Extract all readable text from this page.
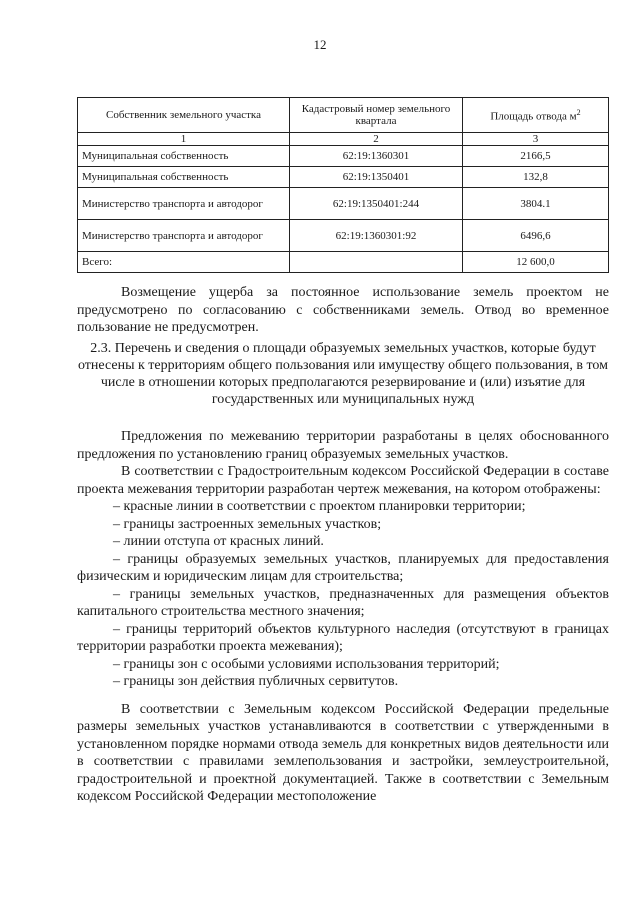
12
Собственник земельного участка	Кадастровый номер земельного квартала	Площадь отвода $м^2$
1	2	3
Муниципальная собственность	62:19:1360301	2166,5
Муниципальная собственность	62:19:1350401	132,8
Министерство транспорта и автодорог	62:19:1350401:244	3804.1
Министерство транспорта и автодорог	62:19:1360301:92	6496,6
Всего:		12 600,0

Возмещение ущерба за постоянное использование земель проектом не предусмотрено по согласованию с собственниками земель. Отвод во временное пользование не предусмотрен.

2.3. Перечень и сведения о площади образуемых земельных участков, которые будут отнесены к территориям общего пользования или имуществу общего пользования, в том числе в отношении которых предполагаются резервирование и (или) изъятие для государственных или муниципальных нужд

Предложения по межеванию территории разработаны в целях обоснованного предложения по установлению границ образуемых земельных участков.

В соответствии с Градостроительным кодексом Российской Федерации в составе проекта межевания территории разработан чертеж межевания, на котором отображены:

– красные линии в соответствии с проектом планировки территории;

– границы застроенных земельных участков;

– линии отступа от красных линий.

– границы образуемых земельных участков, планируемых для предоставления физическим и юридическим лицам для строительства;

– границы земельных участков, предназначенных для размещения объектов капитального строительства местного значения;

– границы территорий объектов культурного наследия (отсутствуют в границах территории разработки проекта межевания);

– границы зон с особыми условиями использования территорий;

– границы зон действия публичных сервитутов.

В соответствии с Земельным кодексом Российской Федерации предельные размеры земельных участков устанавливаются в соответствии с утвержденными в установленном порядке нормами отвода земель для конкретных видов деятельности или в соответствии с правилами землепользования и застройки, землеустроительной, градостроительной и проектной документацией. Также в соответствии с Земельным кодексом Российской Федерации местоположение
